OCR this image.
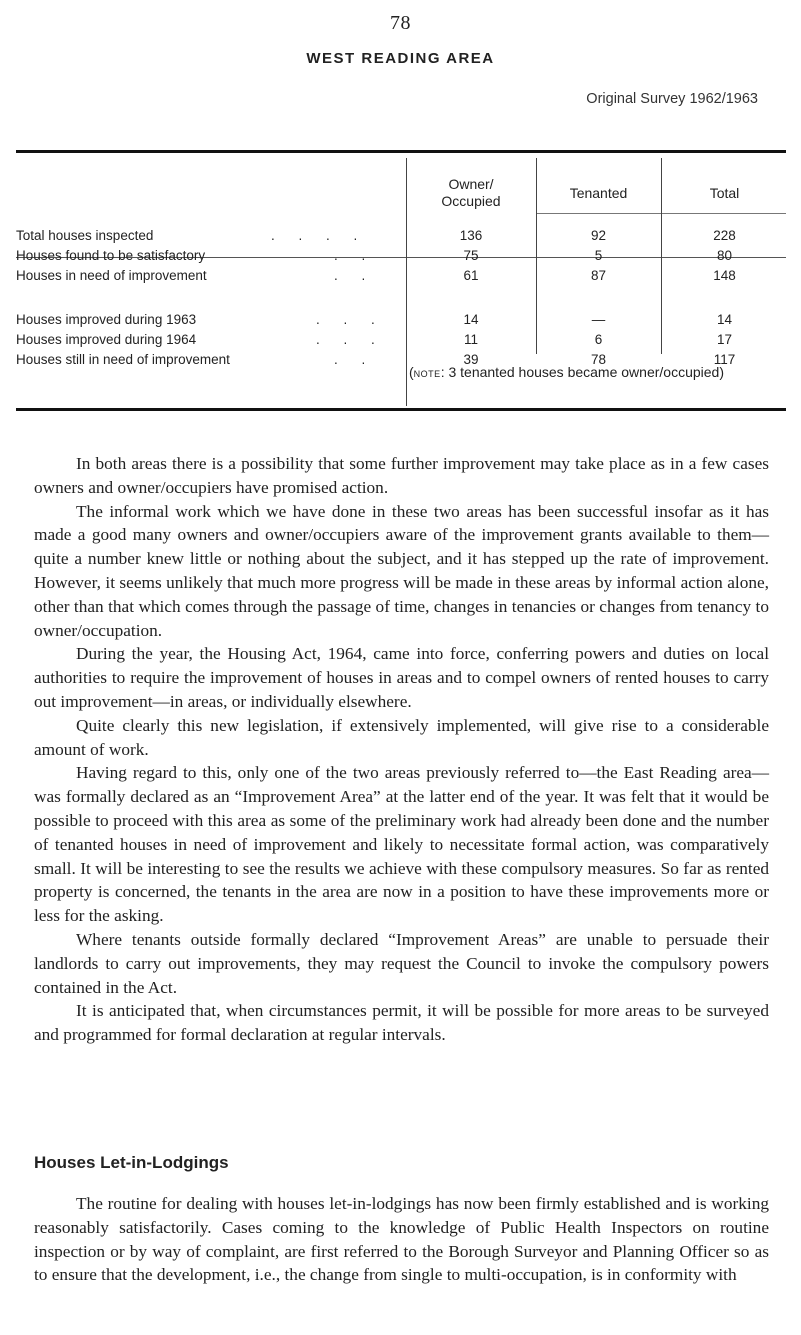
78
WEST READING AREA
Original Survey 1962/1963
Owner/
Occupied	Tenanted	Total
Total houses inspected	. . . .	136	92	228
Houses found to be satisfactory	. .	75	5	80
Houses in need of improvement	. .	61	87	148
Houses improved during 1963	. . .	14	—	14
Houses improved during 1964	. . .	11	6	17
Houses still in need of improvement	. .	39	78	117
(note: 3 tenanted houses became owner/occupied)

In both areas there is a possibility that some further improvement may take place as in a few cases owners and owner/occupiers have promised action.

The informal work which we have done in these two areas has been successful insofar as it has made a good many owners and owner/occupiers aware of the improvement grants available to them—quite a number knew little or nothing about the subject, and it has stepped up the rate of improvement. However, it seems unlikely that much more progress will be made in these areas by informal action alone, other than that which comes through the passage of time, changes in tenancies or changes from tenancy to owner/occupation.

During the year, the Housing Act, 1964, came into force, conferring powers and duties on local authorities to require the improvement of houses in areas and to compel owners of rented houses to carry out improvement—in areas, or individually elsewhere.

Quite clearly this new legislation, if extensively implemented, will give rise to a considerable amount of work.

Having regard to this, only one of the two areas previously referred to—the East Reading area—was formally declared as an “Improvement Area” at the latter end of the year. It was felt that it would be possible to proceed with this area as some of the preliminary work had already been done and the number of tenanted houses in need of improvement and likely to necessitate formal action, was comparatively small. It will be interesting to see the results we achieve with these compulsory measures. So far as rented property is concerned, the tenants in the area are now in a position to have these improvements more or less for the asking.

Where tenants outside formally declared “Improvement Areas” are unable to persuade their landlords to carry out improvements, they may request the Council to invoke the compulsory powers contained in the Act.

It is anticipated that, when circumstances permit, it will be possible for more areas to be surveyed and programmed for formal declaration at regular intervals.

Houses Let-in-Lodgings

The routine for dealing with houses let-in-lodgings has now been firmly established and is working reasonably satisfactorily. Cases coming to the knowledge of Public Health Inspectors on routine inspection or by way of complaint, are first referred to the Borough Surveyor and Planning Officer so as to ensure that the development, i.e., the change from single to multi-occupation, is in conformity with
